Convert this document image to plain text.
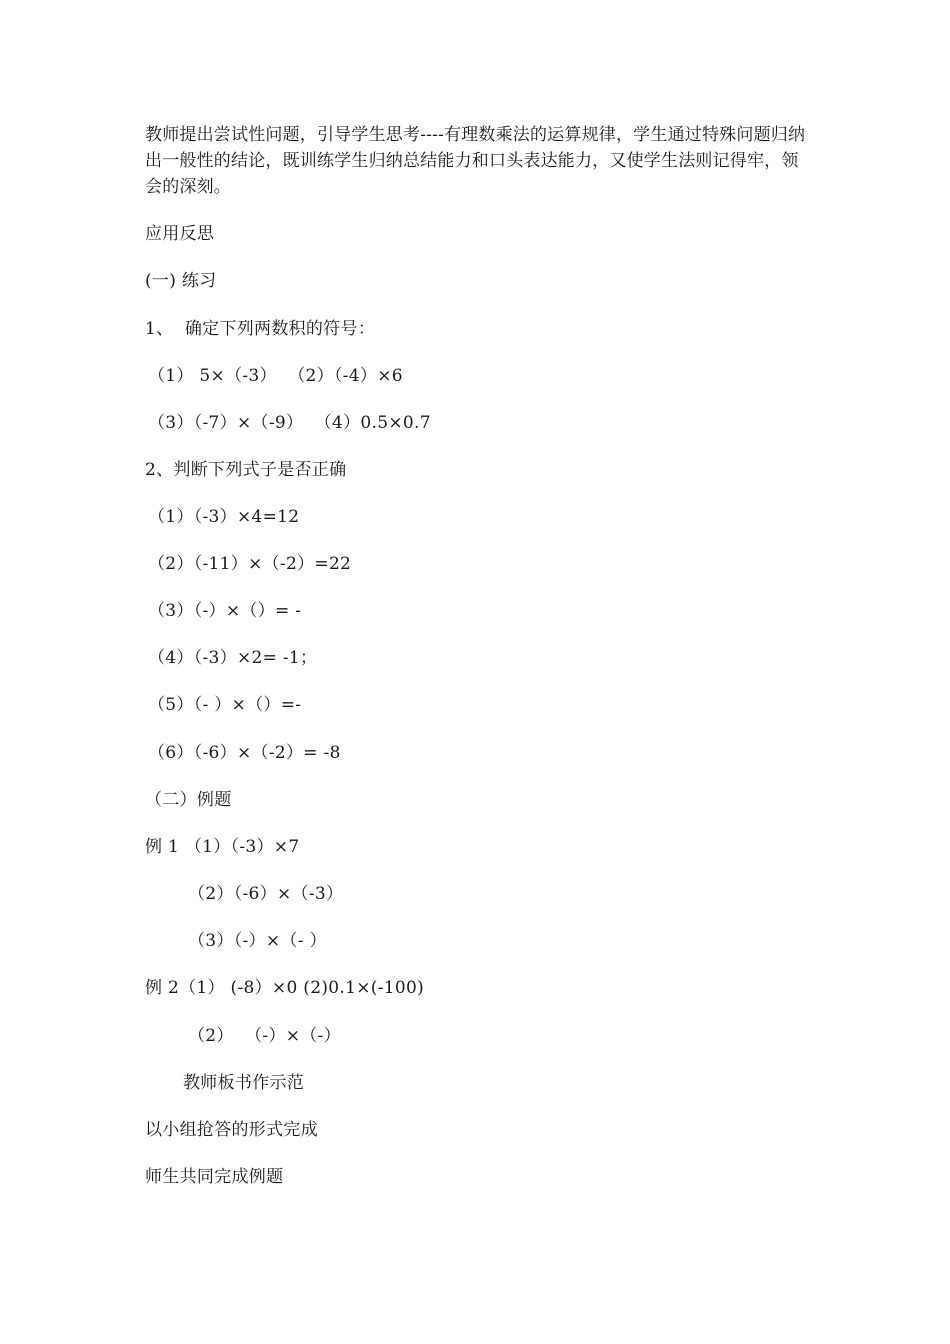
教师提出尝试性问题，引导学生思考----有理数乘法的运算规律，学生通过特殊问题归纳出一般性的结论，既训练学生归纳总结能力和口头表达能力，又使学生法则记得牢，领会的深刻。
应用反思
(一) 练习
1、  确定下列两数积的符号：
（1） 5×（-3）  （2）（-4）×6
（3）（-7）×（-9）  （4）0.5×0.7
2、判断下列式子是否正确
（1）（-3）×4=12
（2）（-11）×（-2）=22
（3）（-）×（）= -
（4）（-3）×2= -1；
（5）（- ）×（）=-
（6）（-6）×（-2）= -8
（二）例题
例 1 （1）（-3）×7
（2）（-6）×（-3）
（3）（-）×（- ）
例 2（1） (-8）×0 (2)0.1×(-100)
（2）  （-）×（-）
教师板书作示范
以小组抢答的形式完成
师生共同完成例题
